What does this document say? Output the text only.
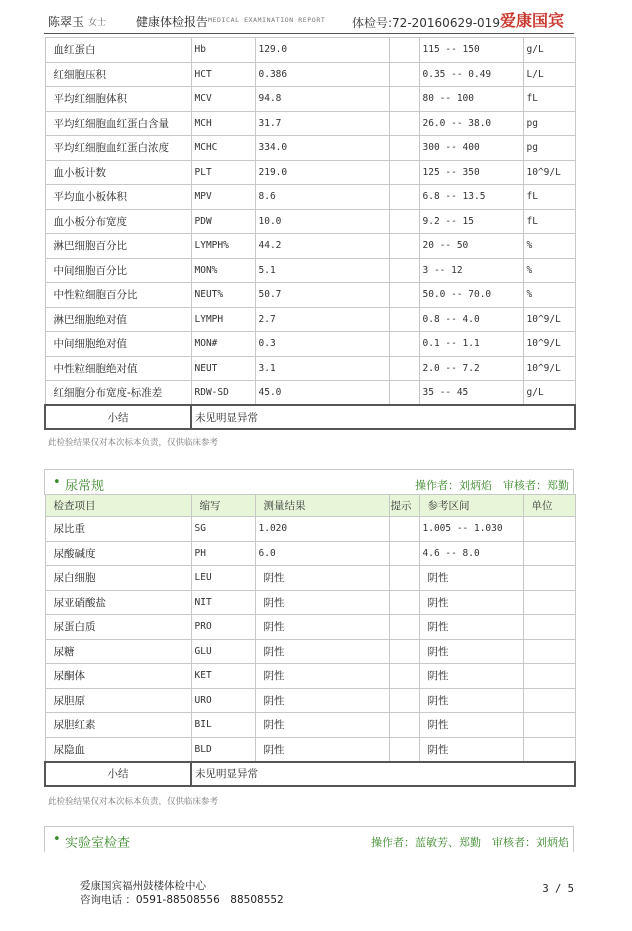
陈翠玉 女士 健康体检报告 MEDICAL EXAMINATION REPORT 体检号:72-20160629-019 爱康国宾
血红蛋白	Hb	129.0		115 -- 150	g/L
红细胞压积	HCT	0.386		0.35 -- 0.49	L/L
平均红细胞体积	MCV	94.8		80 -- 100	fL
平均红细胞血红蛋白含量	MCH	31.7		26.0 -- 38.0	pg
平均红细胞血红蛋白浓度	MCHC	334.0		300 -- 400	pg
血小板计数	PLT	219.0		125 -- 350	10^9/L
平均血小板体积	MPV	8.6		6.8 -- 13.5	fL
血小板分布宽度	PDW	10.0		9.2 -- 15	fL
淋巴细胞百分比	LYMPH%	44.2		20 -- 50	%
中间细胞百分比	MON%	5.1		3 -- 12	%
中性粒细胞百分比	NEUT%	50.7		50.0 -- 70.0	%
淋巴细胞绝对值	LYMPH	2.7		0.8 -- 4.0	10^9/L
中间细胞绝对值	MON#	0.3		0.1 -- 1.1	10^9/L
中性粒细胞绝对值	NEUT	3.1		2.0 -- 7.2	10^9/L
红细胞分布宽度-标准差	RDW-SD	45.0		35 -- 45	g/L
小结	未见明显异常				
此检验结果仅对本次标本负责，仅供临床参考
• 尿常规	操作者：刘炳焰　审核者：郑勤
检查项目	缩写	测量结果	提示	参考区间	单位
尿比重	SG	1.020		1.005 -- 1.030	
尿酸碱度	PH	6.0		4.6 -- 8.0	
尿白细胞	LEU	阴性		阴性	
尿亚硝酸盐	NIT	阴性		阴性	
尿蛋白质	PRO	阴性		阴性	
尿糖	GLU	阴性		阴性	
尿酮体	KET	阴性		阴性	
尿胆原	URO	阴性		阴性	
尿胆红素	BIL	阴性		阴性	
尿隐血	BLD	阴性		阴性	
小结	未见明显异常				
此检验结果仅对本次标本负责，仅供临床参考
• 实验室检查	操作者：蓝敏芳、郑勤　审核者：刘炳焰
爱康国宾福州鼓楼体检中心
咨询电话 ：0591-88508556　88508552
3 / 5
